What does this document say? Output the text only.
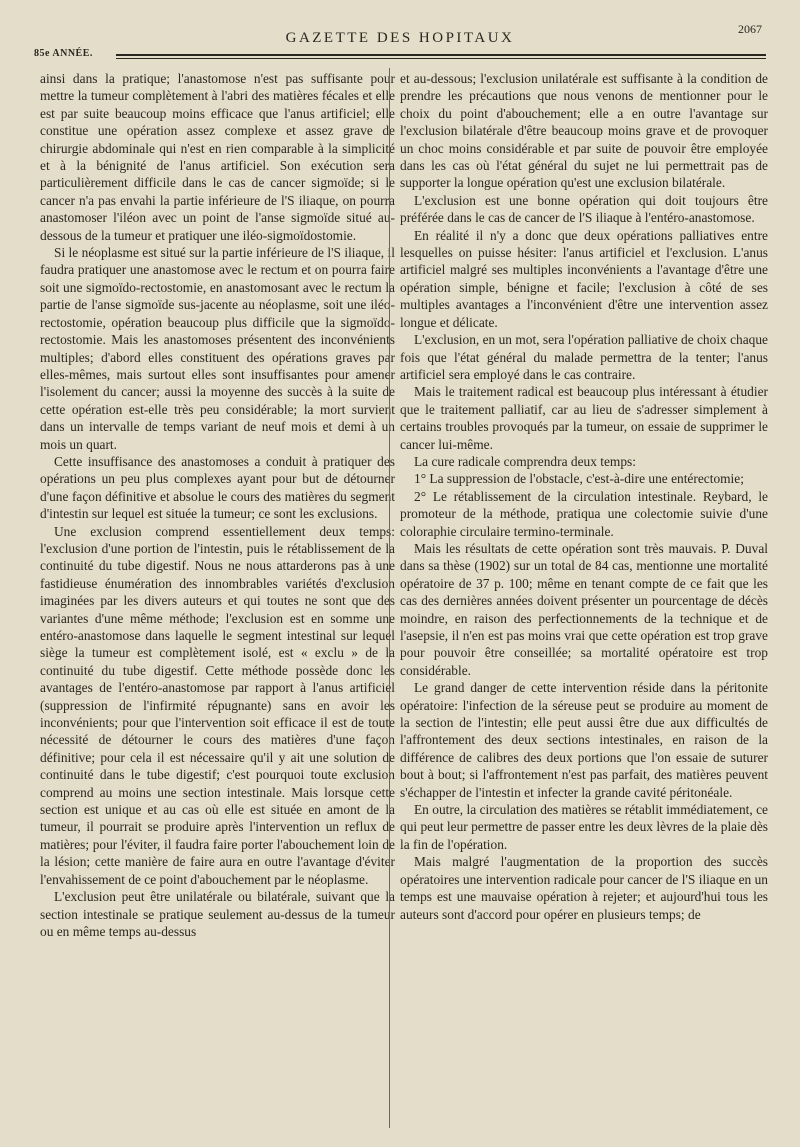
85e ANNÉE.
GAZETTE DES HOPITAUX
2067

ainsi dans la pratique; l'anastomose n'est pas suffisante pour mettre la tumeur complètement à l'abri des matières fécales et elle est par suite beaucoup moins efficace que l'anus artificiel; elle constitue une opération assez complexe et assez grave de chirurgie abdominale qui n'est en rien comparable à la simplicité et à la bénignité de l'anus artificiel. Son exécution sera particulièrement difficile dans le cas de cancer sigmoïde; si le cancer n'a pas envahi la partie inférieure de l'S iliaque, on pourra anastomoser l'iléon avec un point de l'anse sigmoïde situé au-dessous de la tumeur et pratiquer une iléo-sigmoïdostomie.

Si le néoplasme est situé sur la partie inférieure de l'S iliaque, il faudra pratiquer une anastomose avec le rectum et on pourra faire soit une sigmoïdo-rectostomie, en anastomosant avec le rectum la partie de l'anse sigmoïde sus-jacente au néoplasme, soit une iléo-rectostomie, opération beaucoup plus difficile que la sigmoïdo-rectostomie. Mais les anastomoses présentent des inconvénients multiples; d'abord elles constituent des opérations graves par elles-mêmes, mais surtout elles sont insuffisantes pour amener l'isolement du cancer; aussi la moyenne des succès à la suite de cette opération est-elle très peu considérable; la mort survient dans un intervalle de temps variant de neuf mois et demi à un mois un quart.

Cette insuffisance des anastomoses a conduit à pratiquer des opérations un peu plus complexes ayant pour but de détourner d'une façon définitive et absolue le cours des matières du segment d'intestin sur lequel est située la tumeur; ce sont les exclusions.

Une exclusion comprend essentiellement deux temps: l'exclusion d'une portion de l'intestin, puis le rétablissement de la continuité du tube digestif. Nous ne nous attarderons pas à une fastidieuse énumération des innombrables variétés d'exclusion imaginées par les divers auteurs et qui toutes ne sont que des variantes d'une même méthode; l'exclusion est en somme une entéro-anastomose dans laquelle le segment intestinal sur lequel siège la tumeur est complètement isolé, est « exclu » de la continuité du tube digestif. Cette méthode possède donc les avantages de l'entéro-anastomose par rapport à l'anus artificiel (suppression de l'infirmité répugnante) sans en avoir les inconvénients; pour que l'intervention soit efficace il est de toute nécessité de détourner le cours des matières d'une façon définitive; pour cela il est nécessaire qu'il y ait une solution de continuité dans le tube digestif; c'est pourquoi toute exclusion comprend au moins une section intestinale. Mais lorsque cette section est unique et au cas où elle est située en amont de la tumeur, il pourrait se produire après l'intervention un reflux de matières; pour l'éviter, il faudra faire porter l'abouchement loin de la lésion; cette manière de faire aura en outre l'avantage d'éviter l'envahissement de ce point d'abouchement par le néoplasme.

L'exclusion peut être unilatérale ou bilatérale, suivant que la section intestinale se pratique seulement au-dessus de la tumeur ou en même temps au-dessus

et au-dessous; l'exclusion unilatérale est suffisante à la condition de prendre les précautions que nous venons de mentionner pour le choix du point d'abouchement; elle a en outre l'avantage sur l'exclusion bilatérale d'être beaucoup moins grave et de provoquer un choc moins considérable et par suite de pouvoir être employée dans les cas où l'état général du sujet ne lui permettrait pas de supporter la longue opération qu'est une exclusion bilatérale.

L'exclusion est une bonne opération qui doit toujours être préférée dans le cas de cancer de l'S iliaque à l'entéro-anastomose.

En réalité il n'y a donc que deux opérations palliatives entre lesquelles on puisse hésiter: l'anus artificiel et l'exclusion. L'anus artificiel malgré ses multiples inconvénients a l'avantage d'être une opération simple, bénigne et facile; l'exclusion à côté de ses multiples avantages a l'inconvénient d'être une intervention assez longue et délicate.

L'exclusion, en un mot, sera l'opération palliative de choix chaque fois que l'état général du malade permettra de la tenter; l'anus artificiel sera employé dans le cas contraire.

Mais le traitement radical est beaucoup plus intéressant à étudier que le traitement palliatif, car au lieu de s'adresser simplement à certains troubles provoqués par la tumeur, on essaie de supprimer le cancer lui-même.

La cure radicale comprendra deux temps:

1° La suppression de l'obstacle, c'est-à-dire une entérectomie;

2° Le rétablissement de la circulation intestinale. Reybard, le promoteur de la méthode, pratiqua une colectomie suivie d'une coloraphie circulaire termino-terminale.

Mais les résultats de cette opération sont très mauvais. P. Duval dans sa thèse (1902) sur un total de 84 cas, mentionne une mortalité opératoire de 37 p. 100; même en tenant compte de ce fait que les cas des dernières années doivent présenter un pourcentage de décès moindre, en raison des perfectionnements de la technique et de l'asepsie, il n'en est pas moins vrai que cette opération est trop grave pour pouvoir être conseillée; sa mortalité opératoire est trop considérable.

Le grand danger de cette intervention réside dans la péritonite opératoire: l'infection de la séreuse peut se produire au moment de la section de l'intestin; elle peut aussi être due aux difficultés de l'affrontement des deux sections intestinales, en raison de la différence de calibres des deux portions que l'on essaie de suturer bout à bout; si l'affrontement n'est pas parfait, des matières peuvent s'échapper de l'intestin et infecter la grande cavité péritonéale.

En outre, la circulation des matières se rétablit immédiatement, ce qui peut leur permettre de passer entre les deux lèvres de la plaie dès la fin de l'opération.

Mais malgré l'augmentation de la proportion des succès opératoires une intervention radicale pour cancer de l'S iliaque en un temps est une mauvaise opération à rejeter; et aujourd'hui tous les auteurs sont d'accord pour opérer en plusieurs temps; de
